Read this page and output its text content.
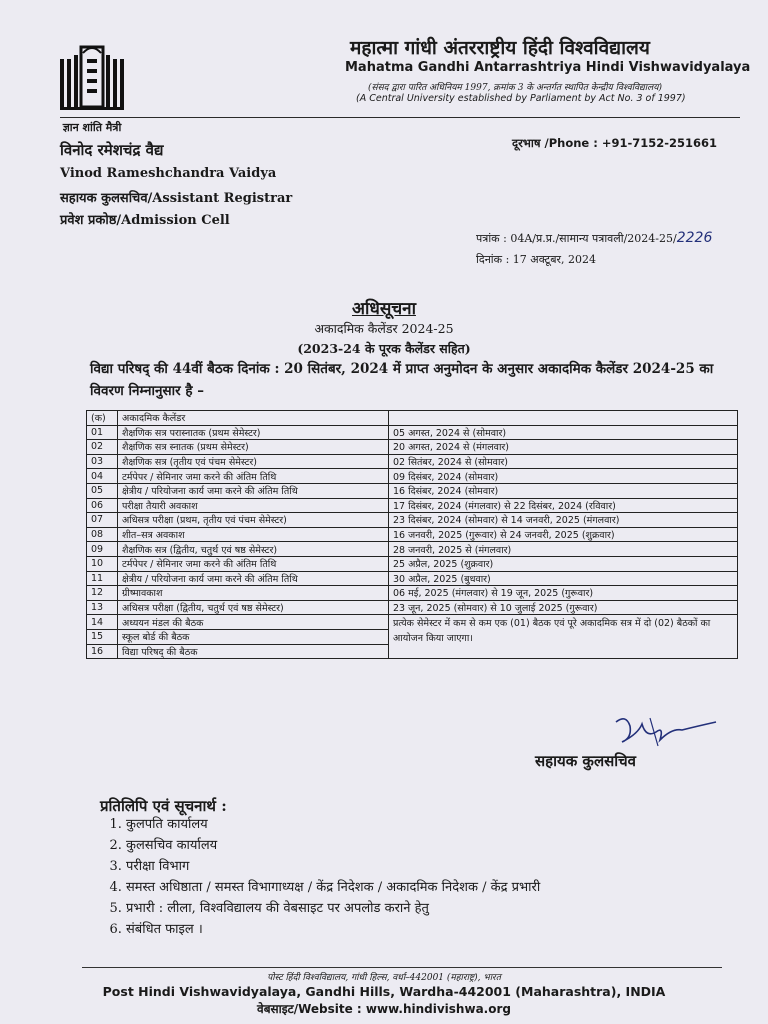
ज्ञान शांति मैत्री
महात्मा गांधी अंतरराष्ट्रीय हिंदी विश्वविद्यालय
Mahatma Gandhi Antarrashtriya Hindi Vishwavidyalaya
(संसद द्वारा पारित अधिनियम 1997, क्रमांक 3 के अन्तर्गत स्थापित केन्द्रीय विश्वविद्यालय)
(A Central University established by Parliament by Act No. 3 of 1997)
विनोद रमेशचंद्र वैद्य	दूरभाष /Phone : +91-7152-251661
Vinod Rameshchandra Vaidya
सहायक कुलसचिव/Assistant Registrar
प्रवेश प्रकोष्ठ/Admission Cell
पत्रांक : 04A/प्र.प्र./सामान्य पत्रावली/2024-25/2226
दिनांक : 17 अक्टूबर, 2024
अधिसूचना
अकादमिक कैलेंडर 2024-25
(2023-24 के पूरक कैलेंडर सहित)
विद्या परिषद् की 44वीं बैठक दिनांक : 20 सितंबर, 2024 में प्राप्त अनुमोदन के अनुसार अकादमिक कैलेंडर 2024-25 का विवरण निम्नानुसार है –
(क)	अकादमिक कैलेंडर	
01	शैक्षणिक सत्र परास्नातक (प्रथम सेमेस्टर)	05 अगस्त, 2024 से (सोमवार)
02	शैक्षणिक सत्र स्नातक (प्रथम सेमेस्टर)	20 अगस्त, 2024 से (मंगलवार)
03	शैक्षणिक सत्र (तृतीय एवं पंचम सेमेस्टर)	02 सितंबर, 2024 से (सोमवार)
04	टर्मपेपर / सेमिनार जमा करने की अंतिम तिथि	09 दिसंबर, 2024 (सोमवार)
05	क्षेत्रीय / परियोजना कार्य जमा करने की अंतिम तिथि	16 दिसंबर, 2024 (सोमवार)
06	परीक्षा तैयारी अवकाश	17 दिसंबर, 2024 (मंगलवार) से 22 दिसंबर, 2024 (रविवार)
07	अधिसत्र परीक्षा (प्रथम, तृतीय एवं पंचम सेमेस्टर)	23 दिसंबर, 2024 (सोमवार) से 14 जनवरी, 2025 (मंगलवार)
08	शीत–सत्र अवकाश	16 जनवरी, 2025 (गुरूवार) से 24 जनवरी, 2025 (शुक्रवार)
09	शैक्षणिक सत्र (द्वितीय, चतुर्थ एवं षष्ठ सेमेस्टर)	28 जनवरी, 2025 से (मंगलवार)
10	टर्मपेपर / सेमिनार जमा करने की अंतिम तिथि	25 अप्रैल, 2025 (शुक्रवार)
11	क्षेत्रीय / परियोजना कार्य जमा करने की अंतिम तिथि	30 अप्रैल, 2025 (बुधवार)
12	ग्रीष्मावकाश	06 मई, 2025 (मंगलवार) से 19 जून, 2025 (गुरूवार)
13	अधिसत्र परीक्षा (द्वितीय, चतुर्थ एवं षष्ठ सेमेस्टर)	23 जून, 2025 (सोमवार) से 10 जुलाई 2025 (गुरूवार)
14	अध्ययन मंडल की बैठक	प्रत्येक सेमेस्टर में कम से कम एक (01) बैठक एवं पूरे अकादमिक सत्र में दो (02) बैठकों का आयोजन किया जाएगा।
15	स्कूल बोर्ड की बैठक	
16	विद्या परिषद् की बैठक	
सहायक कुलसचिव
प्रतिलिपि एवं सूचनार्थ :
1. कुलपति कार्यालय
2. कुलसचिव कार्यालय
3. परीक्षा विभाग
4. समस्त अधिष्ठाता / समस्त विभागाध्यक्ष / केंद्र निदेशक / अकादमिक निदेशक / केंद्र प्रभारी
5. प्रभारी : लीला, विश्वविद्यालय की वेबसाइट पर अपलोड कराने हेतु
6. संबंधित फाइल ।
पोस्ट हिंदी विश्वविद्यालय, गांधी हिल्स, वर्धा–442001 (महाराष्ट्र), भारत
Post Hindi Vishwavidyalaya, Gandhi Hills, Wardha-442001 (Maharashtra), INDIA
वेबसाइट/Website : www.hindivishwa.org
